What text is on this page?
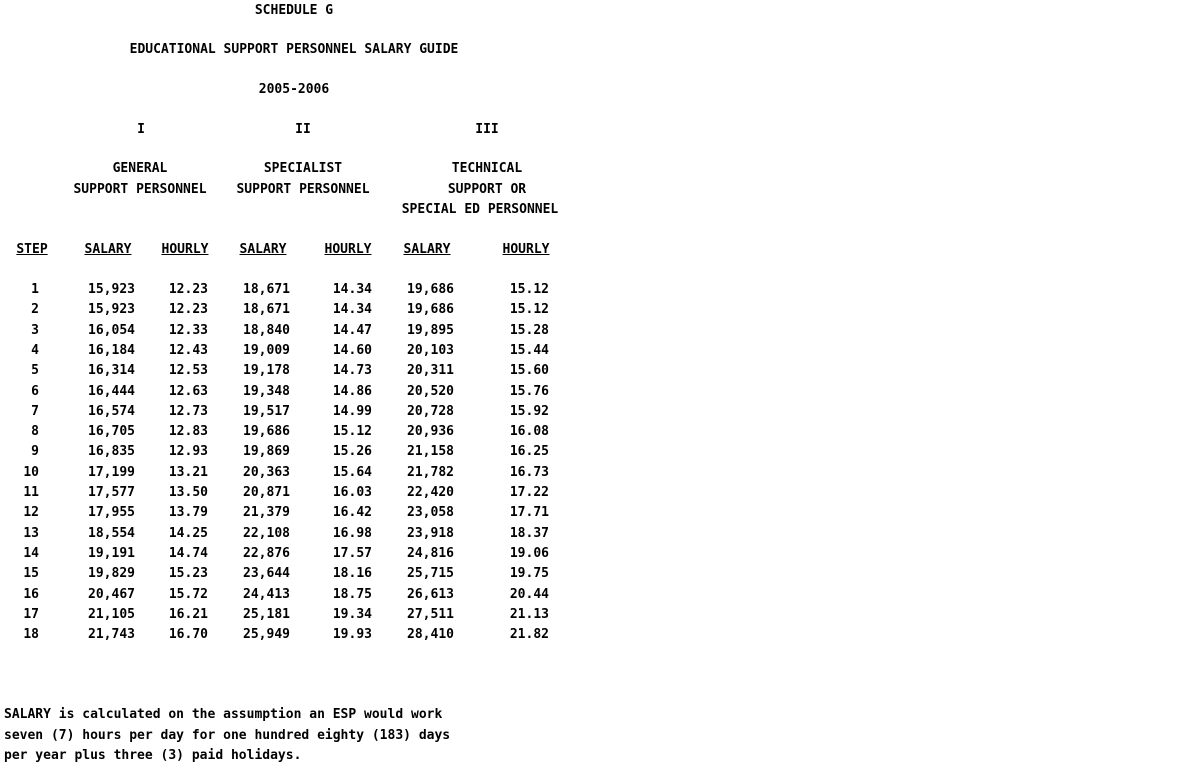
SCHEDULE G
EDUCATIONAL SUPPORT PERSONNEL SALARY GUIDE
2005-2006
I	II	III
GENERAL
SUPPORT PERSONNEL
SPECIALIST
SUPPORT PERSONNEL
TECHNICAL
SUPPORT OR
SPECIAL ED PERSONNEL
STEP	SALARY HOURLY SALARY	HOURLY SALARY	HOURLY
1	15,923	12.23	18,671	14.34	19,686	15.12
2	15,923	12.23	18,671	14.34	19,686	15.12
3	16,054	12.33	18,840	14.47	19,895	15.28
4	16,184	12.43	19,009	14.60	20,103	15.44
5	16,314	12.53	19,178	14.73	20,311	15.60
6	16,444	12.63	19,348	14.86	20,520	15.76
7	16,574	12.73	19,517	14.99	20,728	15.92
8	16,705	12.83	19,686	15.12	20,936	16.08
9	16,835	12.93	19,869	15.26	21,158	16.25
10	17,199	13.21	20,363	15.64	21,782	16.73
11	17,577	13.50	20,871	16.03	22,420	17.22
12	17,955	13.79	21,379	16.42	23,058	17.71
13	18,554	14.25	22,108	16.98	23,918	18.37
14	19,191	14.74	22,876	17.57	24,816	19.06
15	19,829	15.23	23,644	18.16	25,715	19.75
16	20,467	15.72	24,413	18.75	26,613	20.44
17	21,105	16.21	25,181	19.34	27,511	21.13
18	21,743	16.70	25,949	19.93	28,410	21.82
SALARY is calculated on the assumption an ESP would work
seven (7) hours per day for one hundred eighty (183) days
per year plus three (3) paid holidays.
